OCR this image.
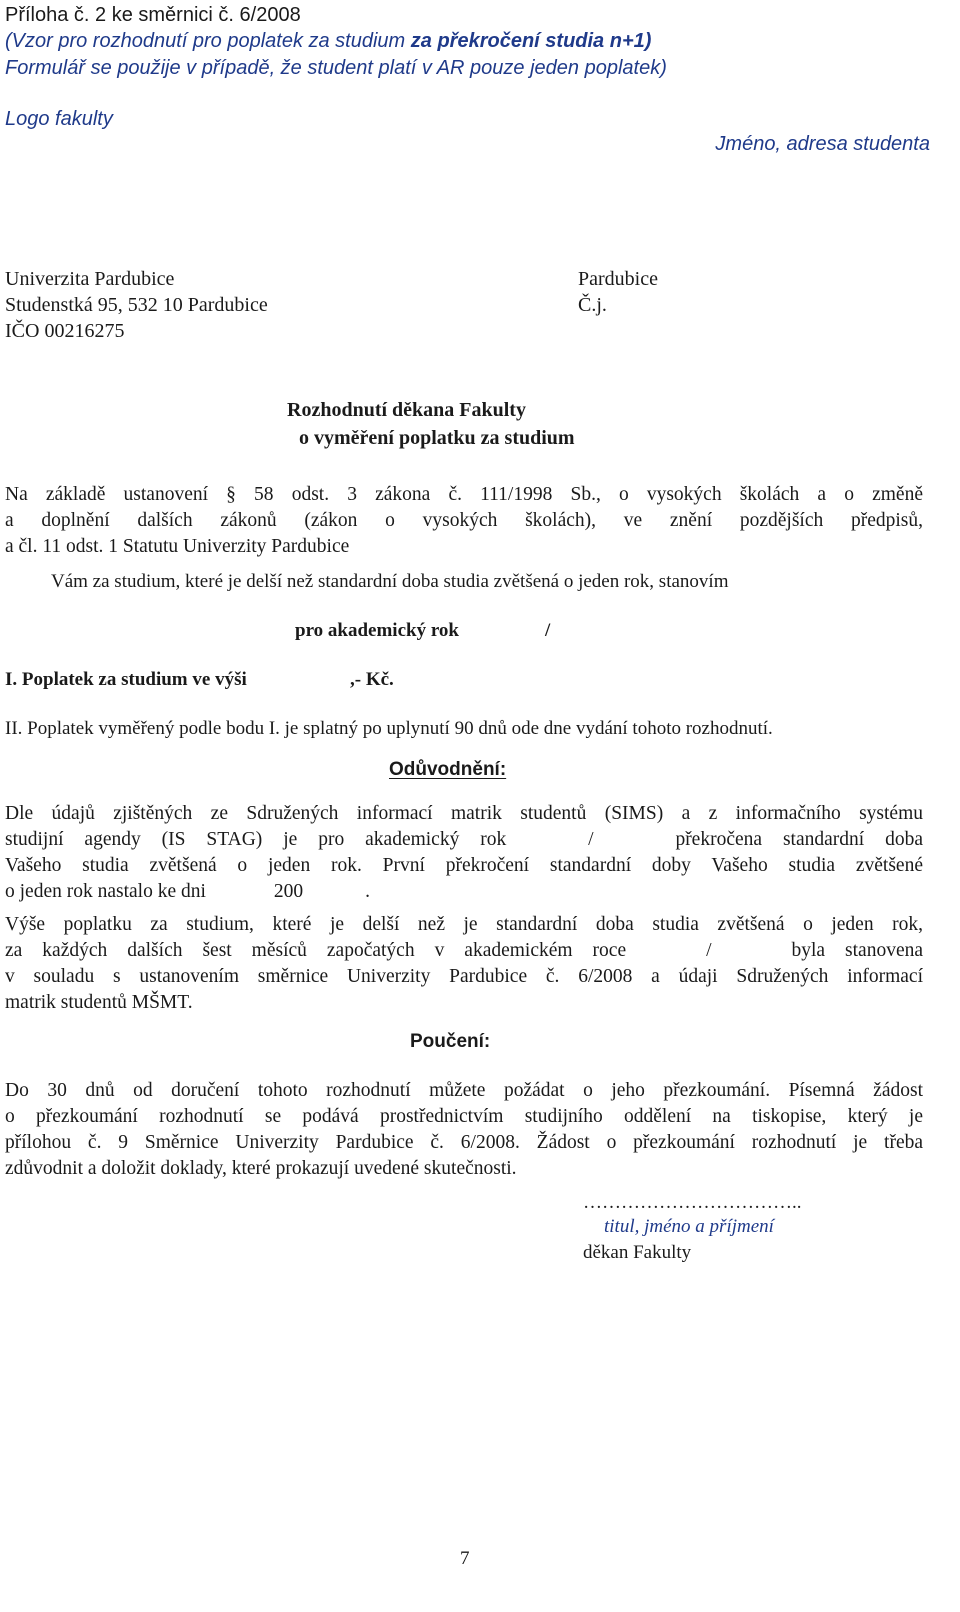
Příloha č. 2 ke směrnici č. 6/2008
(Vzor pro rozhodnutí pro poplatek za studium za překročení studia n+1)
Formulář se použije v případě, že student platí v AR pouze jeden poplatek)
Logo fakulty
Jméno, adresa studenta
Univerzita Pardubice
Studenstká 95, 532 10 Pardubice
IČO 00216275
Pardubice
Č.j.
Rozhodnutí děkana Fakulty
o vyměření poplatku za studium
Na základě ustanovení § 58 odst. 3 zákona č. 111/1998 Sb., o vysokých školách a o změně
a doplnění dalších zákonů (zákon o vysokých školách), ve znění pozdějších předpisů,
a čl. 11 odst. 1 Statutu Univerzity Pardubice
Vám za studium, které je delší než standardní doba studia zvětšená o jeden rok, stanovím
pro akademický rok	/
I. Poplatek za studium ve výši	,- Kč.
II. Poplatek vyměřený podle bodu I. je splatný po uplynutí 90 dnů ode dne vydání tohoto rozhodnutí.
Odůvodnění:
Dle údajů zjištěných ze Sdružených informací matrik studentů (SIMS) a z informačního systému
studijní agendy (IS STAG) je pro akademický rok	/	překročena standardní doba
Vašeho studia zvětšená o jeden rok. První překročení standardní doby Vašeho studia zvětšené
o jeden rok nastalo ke dni	200	.
Výše poplatku za studium, které je delší než je standardní doba studia zvětšená o jeden rok,
za každých dalších šest měsíců započatých v akademickém roce	/	byla stanovena
v souladu s ustanovením směrnice Univerzity Pardubice č. 6/2008 a údaji Sdružených informací
matrik studentů MŠMT.
Poučení:
Do 30 dnů od doručení tohoto rozhodnutí můžete požádat o jeho přezkoumání. Písemná žádost
o přezkoumání rozhodnutí se podává prostřednictvím studijního oddělení na tiskopise, který je
přílohou č. 9 Směrnice Univerzity Pardubice č. 6/2008. Žádost o přezkoumání rozhodnutí je třeba
zdůvodnit a doložit doklady, které prokazují uvedené skutečnosti.
……………………………..
titul, jméno a příjmení
děkan Fakulty
7
